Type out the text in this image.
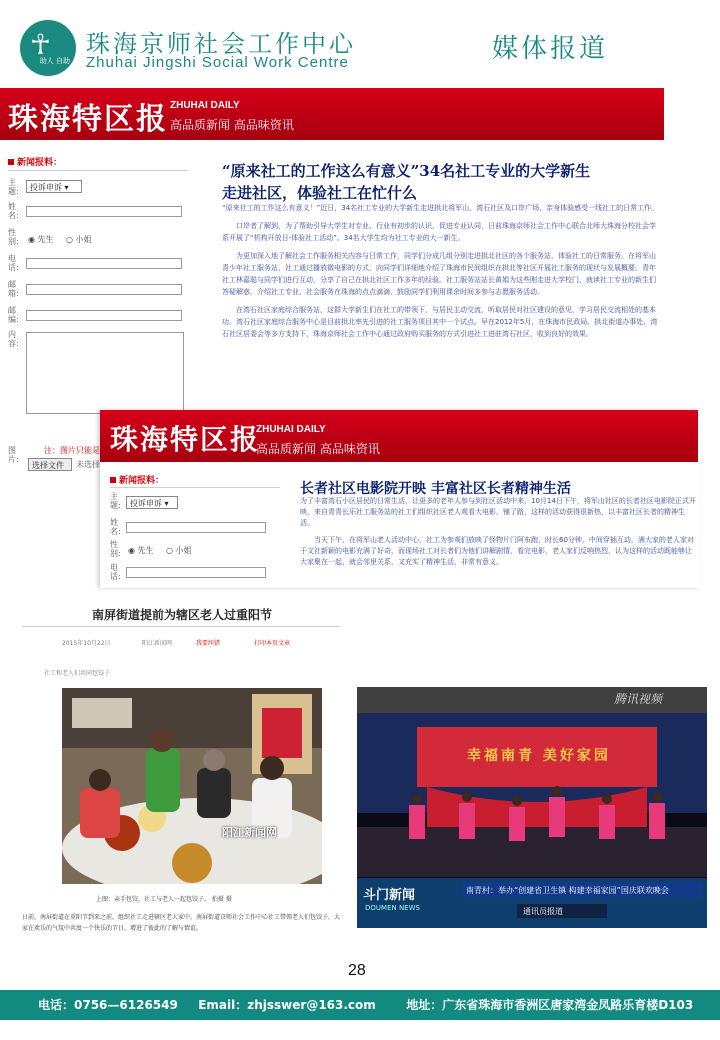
☥
助人 自助
珠海京师社会工作中心
Zhuhai Jingshi Social Work Centre	媒体报道
珠海特区报 ZHUHAI DAILY
高品质新闻 高品味资讯
新闻报料：
主题:	投诉申诉 ▾
姓名:
性别: ◉ 先生 ○ 小姐
电话:
邮箱:
邮编:
内容:
图片:
注：图片只能是
选择文件	未选择
“原来社工的工作这么有意义”34名社工专业的大学新生
走进社区，体验社工在忙什么

“原来社工的工作这么有意义！”近日，34名社工专业的大学新生走进拱北将军山、湾石社区及口岸广场，亲身体验感受一线社工的日常工作。

口岸者了解到，为了帮助引导大学生对专业、行业有初步的认识，促进专业认同，日前珠海京师社会工作中心联合北师大珠海分校社会学系开展了“机构开放日-体验社工活动”。34名大学生均为社工专业的大一新生。

为更加深入地了解社会工作服务相关内容与日常工作，同学们分成几组分别走进拱北社区的各个服务站，体验社工的日常服务。在将军山青少年社工服务站，社工通过播放微电影的方式，向同学们详细地介绍了珠海市民间组织在拱北等社区开展社工服务的现状与发展概要。青年社工林嘉聪与同学们进行互动，分享了自己在拱北社区工作多年的经验。社工服务站站长黄娟为这些刚走进大学校门、就读社工专业的新生们答疑解惑，介绍社工专业、社会服务在珠海的点点滴滴，鼓励同学们利用课余时间多参与志愿服务活动。

在湾石社区家庭综合服务站，这群大学新生们在社工的带领下，与居民主动交流，听取居民对社区建设的意见，学习居民交流相处的基本功。湾石社区家庭综合服务中心是目前拱北率先引进的社工服务项目其中一个试点。早在2012年5月，在珠海市民政局、拱北街道办事处、湾石社区居委会等多方支持下，珠海京师社会工作中心通过政府购买服务的方式引进社工进驻湾石社区，收到良好的效果。

珠海特区报
ZHUHAI DAILY
高品质新闻 高品味资讯
新闻报料：
主题:	投诉申诉 ▾
姓名:
性别: ◉ 先生 ○ 小姐
电话:
长者社区电影院开映 丰富社区长者精神生活

为了丰富湾石小区居民的日常生活，让更多的老年人参与到社区活动中来，10月14日下午，将军山社区的长者社区电影院正式开映，来自青青长乐社工服务站的社工们组织社区老人观看大电影，铺了路，这样的活动获得很新热，以丰富社区长者的精神生活。

当天下午，在将军山老人活动中心，社工为参观们放映了怪物片门阿布跑，时长60分钟，中间穿插互动，满大家的老人家对于文社新颖的电影充满了好奇，而现场社工对长者们为他们讲解剧情，看完电影，老人家们反响热烈，认为这样的活动既能够让大家聚在一起，就会邻里关系，又充实了精神生活，非常有意义。

南屏街道提前为辖区老人过重阳节
2015年10月22日	阳江新闻网	我要纠错	打印本页文章
社工和老人们共同包饺子
阳江新闻网
上图：亲手包饺，社工与老人一起包饺子。 拍摄 摄
日前，南屏街道在重阳节到来之前，组织社工走进辖区老人家中。南屏街道京师社会工作中心社工带领老人们包饺子，大家在欢乐的气氛中共度一个快乐的节日，增进了彼此的了解与情谊。
幸福南青 美好家园
腾讯视频
斗门新闻
DOUMEN NEWS
南青村：举办“创建省卫生镇 构建幸福家园”国庆联欢晚会
通讯员报道
28
电话：0756—6126549 Email：zhjsswer@163.com	地址：广东省珠海市香洲区唐家湾金凤路乐育楼D103
